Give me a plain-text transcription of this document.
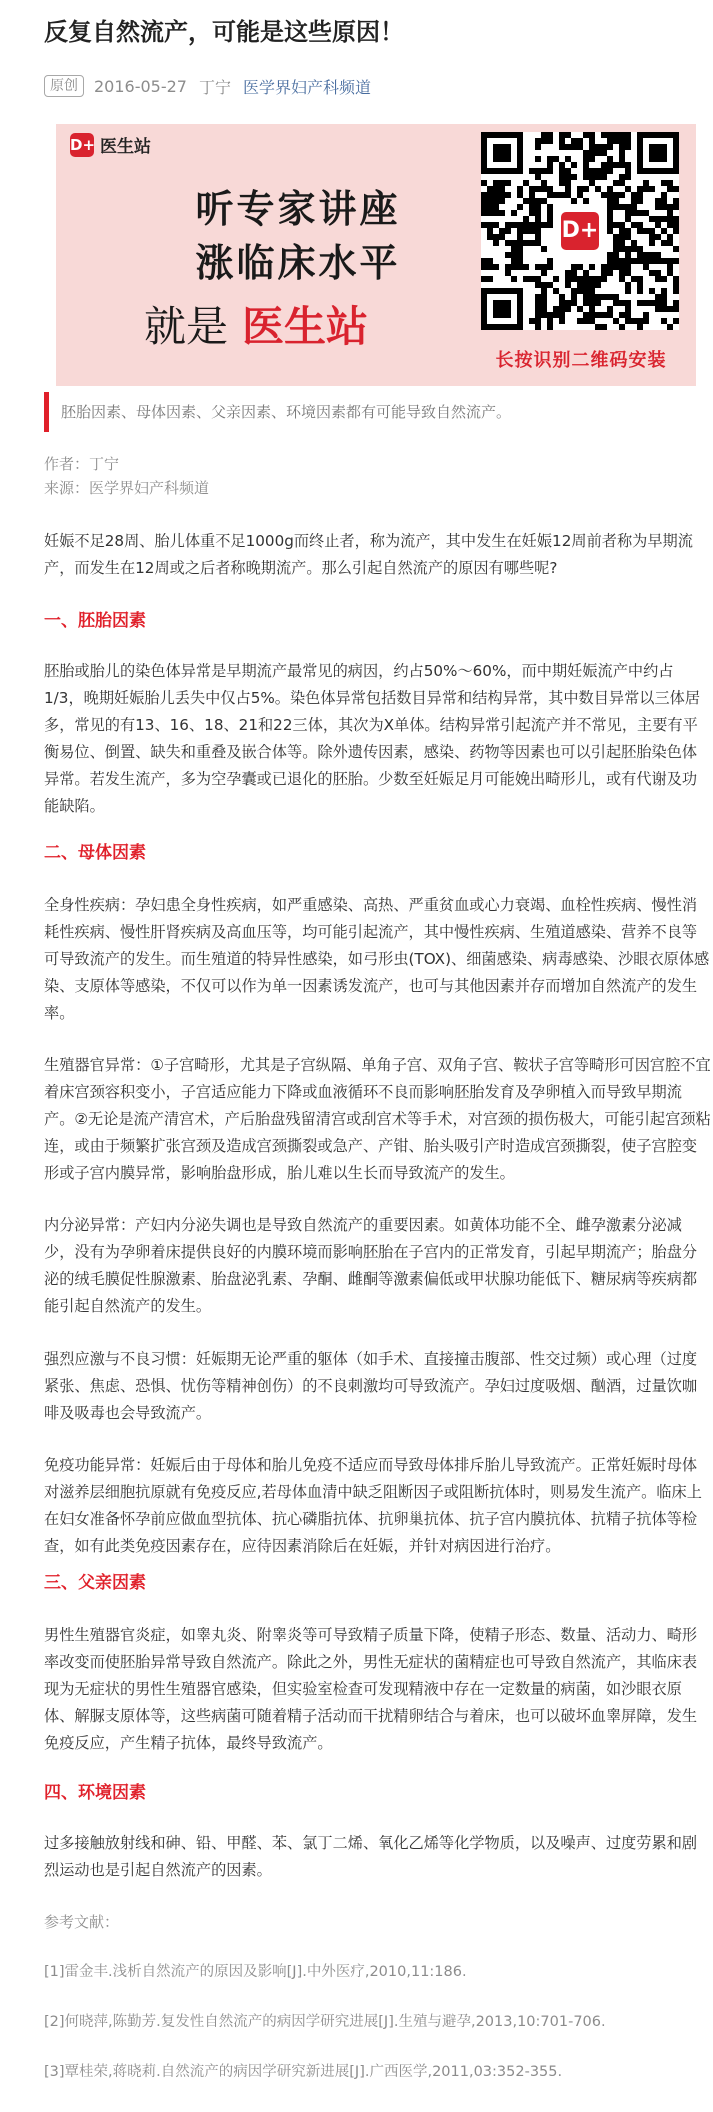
反复自然流产，可能是这些原因！
原创	2016-05-27 丁宁 医学界妇产科频道
D+ 医生站
听专家讲座
涨临床水平
就是 医生站
D+
长按识别二维码安装
胚胎因素、母体因素、父亲因素、环境因素都有可能导致自然流产。
作者：丁宁
来源：医学界妇产科频道

妊娠不足28周、胎儿体重不足1000g而终止者，称为流产，其中发生在妊娠12周前者称为早期流产，而发生在12周或之后者称晚期流产。那么引起自然流产的原因有哪些呢?

一、胚胎因素

胚胎或胎儿的染色体异常是早期流产最常见的病因，约占50%～60%，而中期妊娠流产中约占1/3，晚期妊娠胎儿丢失中仅占5%。染色体异常包括数目异常和结构异常，其中数目异常以三体居多，常见的有13、16、18、21和22三体，其次为X单体。结构异常引起流产并不常见，主要有平衡易位、倒置、缺失和重叠及嵌合体等。除外遗传因素，感染、药物等因素也可以引起胚胎染色体异常。若发生流产，多为空孕囊或已退化的胚胎。少数至妊娠足月可能娩出畸形儿，或有代谢及功能缺陷。

二、母体因素

全身性疾病：孕妇患全身性疾病，如严重感染、高热、严重贫血或心力衰竭、血栓性疾病、慢性消耗性疾病、慢性肝肾疾病及高血压等，均可能引起流产，其中慢性疾病、生殖道感染、营养不良等可导致流产的发生。而生殖道的特异性感染，如弓形虫(TOX)、细菌感染、病毒感染、沙眼衣原体感染、支原体等感染，不仅可以作为单一因素诱发流产，也可与其他因素并存而增加自然流产的发生率。

生殖器官异常：①子宫畸形，尤其是子宫纵隔、单角子宫、双角子宫、鞍状子宫等畸形可因宫腔不宜着床宫颈容积变小，子宫适应能力下降或血液循环不良而影响胚胎发育及孕卵植入而导致早期流产。②无论是流产清宫术，产后胎盘残留清宫或刮宫术等手术，对宫颈的损伤极大，可能引起宫颈粘连，或由于频繁扩张宫颈及造成宫颈撕裂或急产、产钳、胎头吸引产时造成宫颈撕裂，使子宫腔变形或子宫内膜异常，影响胎盘形成，胎儿难以生长而导致流产的发生。

内分泌异常：产妇内分泌失调也是导致自然流产的重要因素。如黄体功能不全、雌孕激素分泌减少，没有为孕卵着床提供良好的内膜环境而影响胚胎在子宫内的正常发育，引起早期流产；胎盘分泌的绒毛膜促性腺激素、胎盘泌乳素、孕酮、雌酮等激素偏低或甲状腺功能低下、糖尿病等疾病都能引起自然流产的发生。

强烈应激与不良习惯：妊娠期无论严重的躯体（如手术、直接撞击腹部、性交过频）或心理（过度紧张、焦虑、恐惧、忧伤等精神创伤）的不良刺激均可导致流产。孕妇过度吸烟、酗酒，过量饮咖啡及吸毒也会导致流产。

免疫功能异常：妊娠后由于母体和胎儿免疫不适应而导致母体排斥胎儿导致流产。正常妊娠时母体对滋养层细胞抗原就有免疫反应,若母体血清中缺乏阻断因子或阻断抗体时，则易发生流产。临床上在妇女准备怀孕前应做血型抗体、抗心磷脂抗体、抗卵巢抗体、抗子宫内膜抗体、抗精子抗体等检查，如有此类免疫因素存在，应待因素消除后在妊娠，并针对病因进行治疗。

三、父亲因素

男性生殖器官炎症，如睾丸炎、附睾炎等可导致精子质量下降，使精子形态、数量、活动力、畸形率改变而使胚胎异常导致自然流产。除此之外，男性无症状的菌精症也可导致自然流产，其临床表现为无症状的男性生殖器官感染，但实验室检查可发现精液中存在一定数量的病菌，如沙眼衣原体、解脲支原体等，这些病菌可随着精子活动而干扰精卵结合与着床，也可以破坏血睾屏障，发生免疫反应，产生精子抗体，最终导致流产。

四、环境因素

过多接触放射线和砷、铅、甲醛、苯、氯丁二烯、氧化乙烯等化学物质，以及噪声、过度劳累和剧烈运动也是引起自然流产的因素。

参考文献：
[1]雷金丰.浅析自然流产的原因及影响[J].中外医疗,2010,11:186.
[2]何晓萍,陈勤芳.复发性自然流产的病因学研究进展[J].生殖与避孕,2013,10:701-706.
[3]覃桂荣,蒋晓莉.自然流产的病因学研究新进展[J].广西医学,2011,03:352-355.
